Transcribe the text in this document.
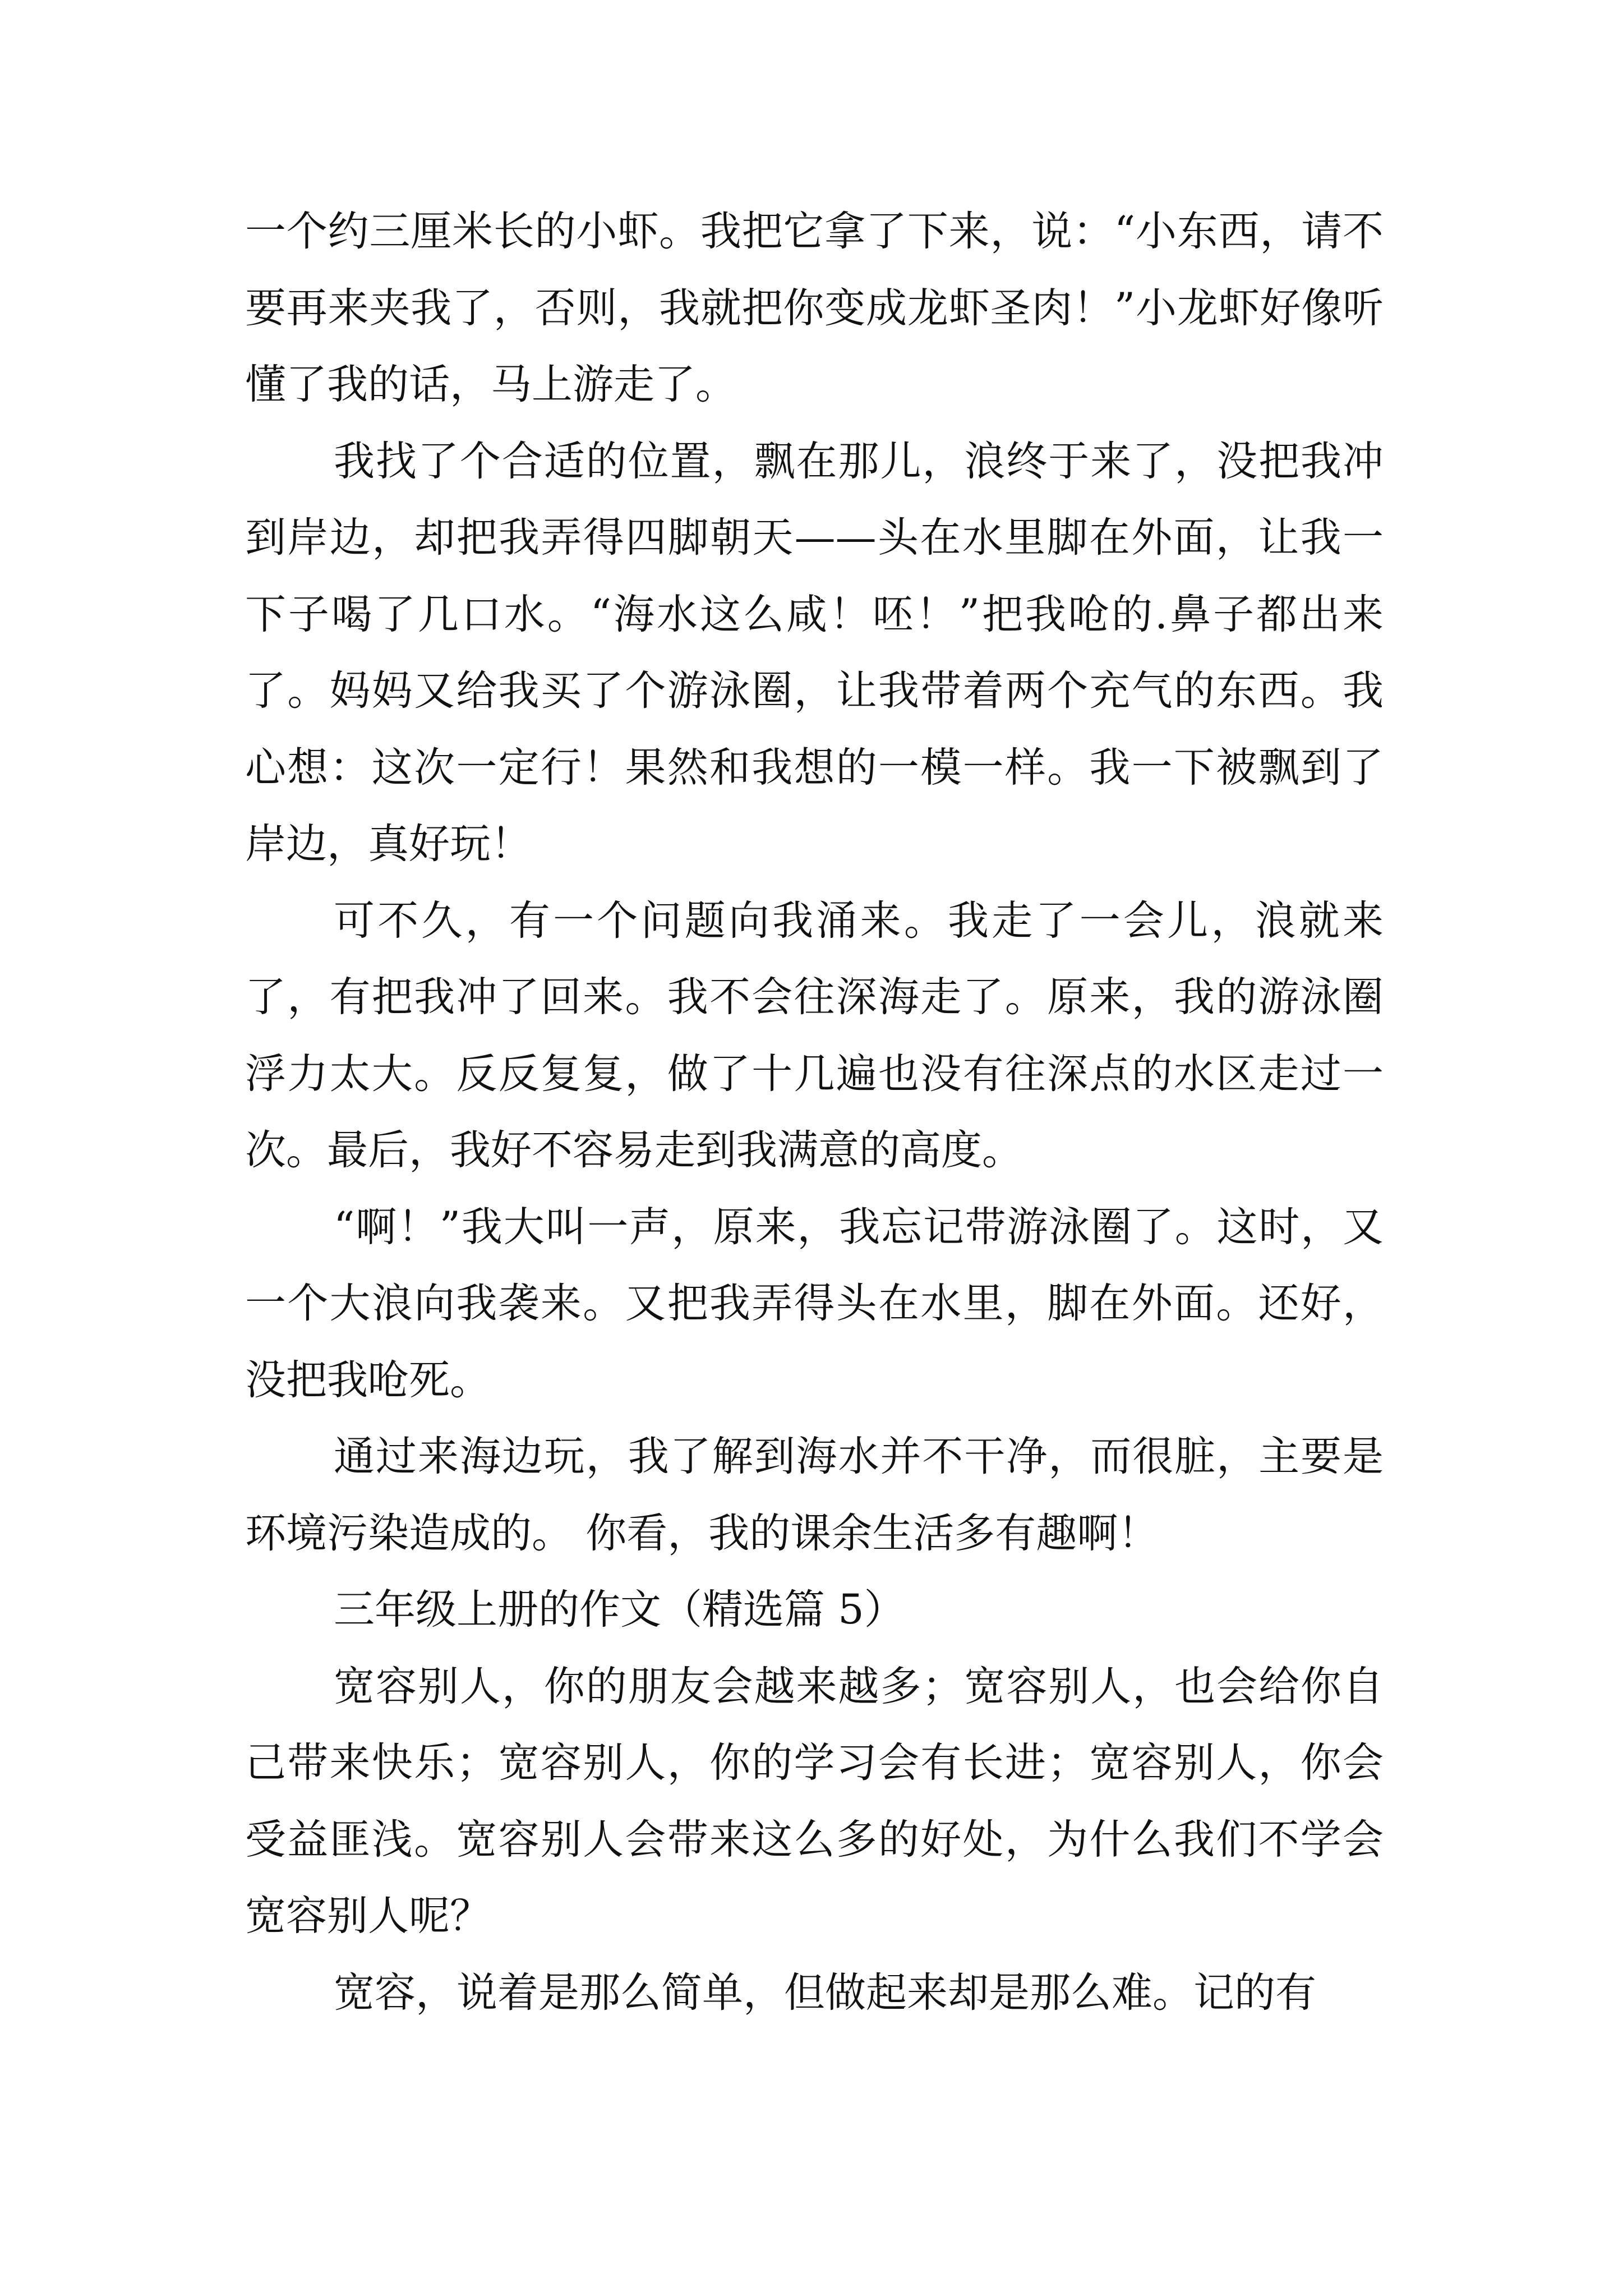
一个约三厘米长的小虾。我把它拿了下来，说：“小东西，请不要再来夹我了，否则，我就把你变成龙虾圣肉！”小龙虾好像听懂了我的话，马上游走了。

我找了个合适的位置，飘在那儿，浪终于来了，没把我冲到岸边，却把我弄得四脚朝天——头在水里脚在外面，让我一下子喝了几口水。“海水这么咸！呸！”把我呛的.鼻子都出来了。妈妈又给我买了个游泳圈，让我带着两个充气的东西。我心想：这次一定行！果然和我想的一模一样。我一下被飘到了岸边，真好玩！

可不久，有一个问题向我涌来。我走了一会儿，浪就来了，有把我冲了回来。我不会往深海走了。原来，我的游泳圈浮力太大。反反复复，做了十几遍也没有往深点的水区走过一次。最后，我好不容易走到我满意的高度。

“啊！”我大叫一声，原来，我忘记带游泳圈了。这时，又一个大浪向我袭来。又把我弄得头在水里，脚在外面。还好，没把我呛死。

通过来海边玩，我了解到海水并不干净，而很脏，主要是环境污染造成的。 你看，我的课余生活多有趣啊！

三年级上册的作文（精选篇 5）

宽容别人，你的朋友会越来越多；宽容别人，也会给你自己带来快乐；宽容别人，你的学习会有长进；宽容别人，你会受益匪浅。宽容别人会带来这么多的好处，为什么我们不学会宽容别人呢？

宽容，说着是那么简单，但做起来却是那么难。记的有
